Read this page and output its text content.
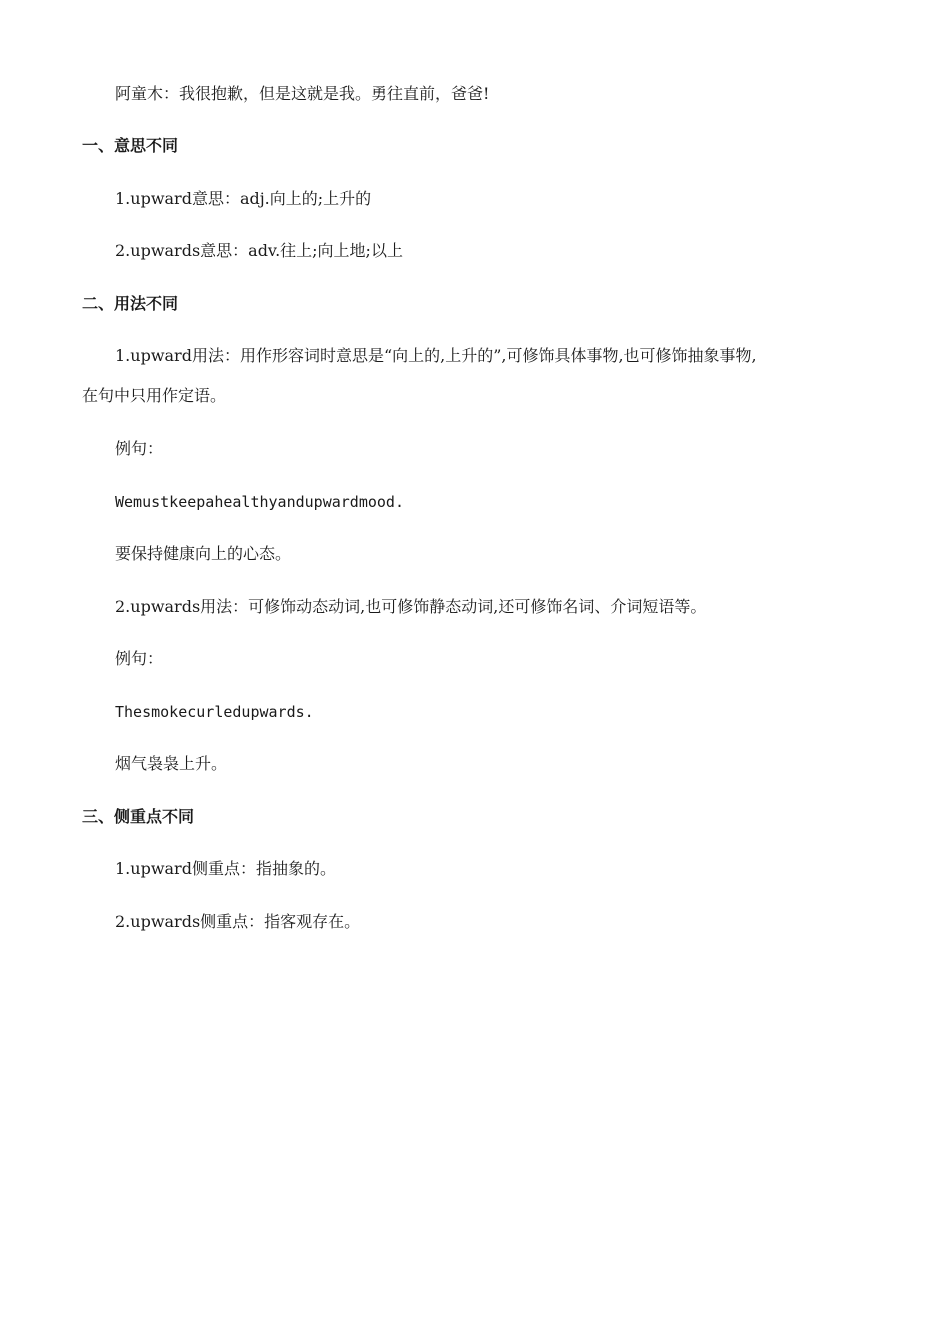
阿童木：我很抱歉，但是这就是我。勇往直前，爸爸!
一、意思不同
1.upward意思：adj.向上的;上升的
2.upwards意思：adv.往上;向上地;以上
二、用法不同
1.upward用法：用作形容词时意思是“向上的,上升的”,可修饰具体事物,也可修饰抽象事物,
在句中只用作定语。
例句：
Wemustkeepahealthyandupwardmood.
要保持健康向上的心态。
2.upwards用法：可修饰动态动词,也可修饰静态动词,还可修饰名词、介词短语等。
例句：
Thesmokecurledupwards.
烟气袅袅上升。
三、侧重点不同
1.upward侧重点：指抽象的。
2.upwards侧重点：指客观存在。
